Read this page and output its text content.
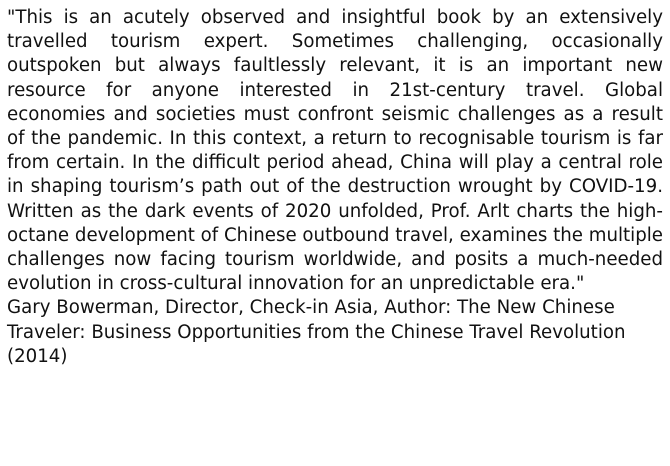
"This is an acutely observed and insightful book by an extensively travelled tourism expert. Sometimes challenging, occasionally outspoken but always faultlessly relevant, it is an important new resource for anyone interested in 21st-century travel. Global economies and societies must confront seismic challenges as a result of the pandemic. In this context, a return to recognisable tourism is far from certain. In the difficult period ahead, China will play a central role in shaping tourism’s path out of the destruction wrought by COVID-19. Written as the dark events of 2020 unfolded, Prof. Arlt charts the high-octane development of Chinese outbound travel, examines the multiple challenges now facing tourism worldwide, and posits a much-needed evolution in cross-cultural innovation for an unpredictable era."

Gary Bowerman, Director, Check-in Asia, Author: The New Chinese Traveler: Business Opportunities from the Chinese Travel Revolution (2014)
